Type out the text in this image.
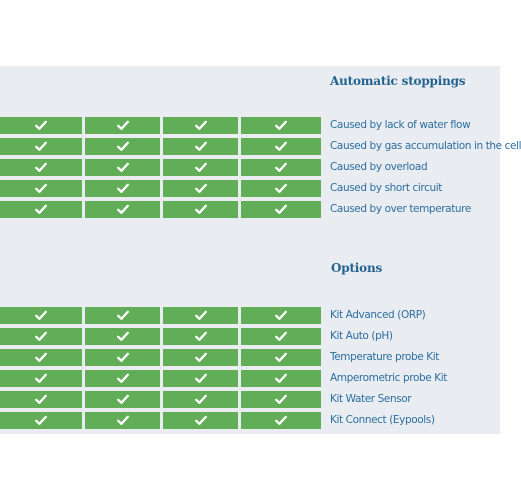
Automatic stoppings
Caused by lack of water flow
Caused by gas accumulation in the cell
Caused by overload
Caused by short circuit
Caused by over temperature
Options
Kit Advanced (ORP)
Kit Auto (pH)
Temperature probe Kit
Amperometric probe Kit
Kit Water Sensor
Kit Connect (Eypools)
